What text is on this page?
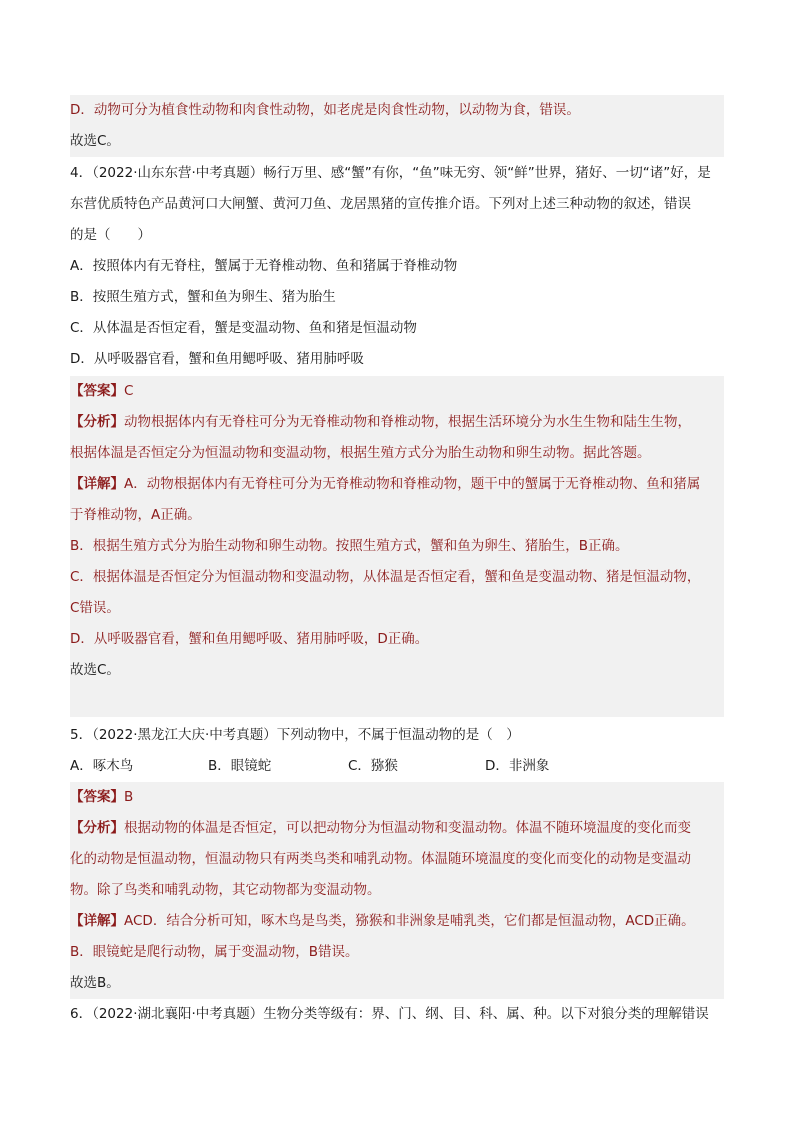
D．动物可分为植食性动物和肉食性动物，如老虎是肉食性动物，以动物为食，错误。
故选C。
4．（2022·山东东营·中考真题）畅行万里、感“蟹”有你，“鱼”味无穷、领“鲜”世界，猪好、一切“诸”好，是
东营优质特色产品黄河口大闸蟹、黄河刀鱼、龙居黑猪的宣传推介语。下列对上述三种动物的叙述，错误
的是（　　）
A．按照体内有无脊柱，蟹属于无脊椎动物、鱼和猪属于脊椎动物
B．按照生殖方式，蟹和鱼为卵生、猪为胎生
C．从体温是否恒定看，蟹是变温动物、鱼和猪是恒温动物
D．从呼吸器官看，蟹和鱼用鳃呼吸、猪用肺呼吸
【答案】C
【分析】动物根据体内有无脊柱可分为无脊椎动物和脊椎动物，根据生活环境分为水生生物和陆生生物，
根据体温是否恒定分为恒温动物和变温动物，根据生殖方式分为胎生动物和卵生动物。据此答题。
【详解】A．动物根据体内有无脊柱可分为无脊椎动物和脊椎动物，题干中的蟹属于无脊椎动物、鱼和猪属
于脊椎动物，A正确。
B．根据生殖方式分为胎生动物和卵生动物。按照生殖方式，蟹和鱼为卵生、猪胎生，B正确。
C．根据体温是否恒定分为恒温动物和变温动物，从体温是否恒定看，蟹和鱼是变温动物、猪是恒温动物，
C错误。
D．从呼吸器官看，蟹和鱼用鳃呼吸、猪用肺呼吸，D正确。
故选C。
5．（2022·黑龙江大庆·中考真题）下列动物中，不属于恒温动物的是（　）
A．啄木鸟	B．眼镜蛇	C．猕猴	D．非洲象
【答案】B
【分析】根据动物的体温是否恒定，可以把动物分为恒温动物和变温动物。体温不随环境温度的变化而变
化的动物是恒温动物，恒温动物只有两类鸟类和哺乳动物。体温随环境温度的变化而变化的动物是变温动
物。除了鸟类和哺乳动物，其它动物都为变温动物。
【详解】ACD．结合分析可知，啄木鸟是鸟类，猕猴和非洲象是哺乳类，它们都是恒温动物，ACD正确。
B．眼镜蛇是爬行动物，属于变温动物，B错误。
故选B。
6．（2022·湖北襄阳·中考真题）生物分类等级有：界、门、纲、目、科、属、种。以下对狼分类的理解错误
